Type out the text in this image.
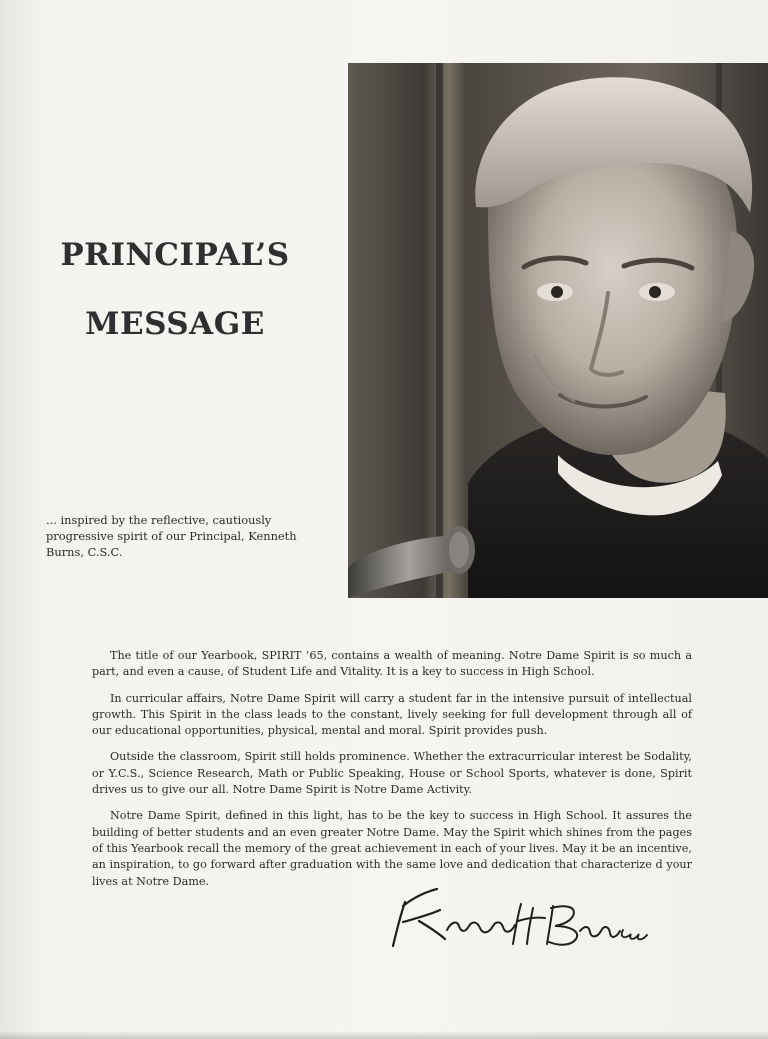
PRINCIPAL’S
MESSAGE
... inspired by the reflective, cautiously progressive spirit of our Principal, Kenneth Burns, C.S.C.

The title of our Yearbook, SPIRIT ’65, contains a wealth of meaning. Notre Dame Spirit is so much a part, and even a cause, of Student Life and Vitality. It is a key to success in High School.

In curricular affairs, Notre Dame Spirit will carry a student far in the intensive pursuit of intellectual growth. This Spirit in the class leads to the constant, lively seeking for full development through all of our educational opportunities, physical, mental and moral. Spirit provides push.

Outside the classroom, Spirit still holds prominence. Whether the extracurricular interest be Sodality, or Y.C.S., Science Research, Math or Public Speaking, House or School Sports, whatever is done, Spirit drives us to give our all. Notre Dame Spirit is Notre Dame Activity.

Notre Dame Spirit, defined in this light, has to be the key to success in High School. It assures the building of better students and an even greater Notre Dame. May the Spirit which shines from the pages of this Yearbook recall the memory of the great achievement in each of your lives. May it be an incentive, an inspiration, to go forward after graduation with the same love and dedication that characterize d your lives at Notre Dame.
